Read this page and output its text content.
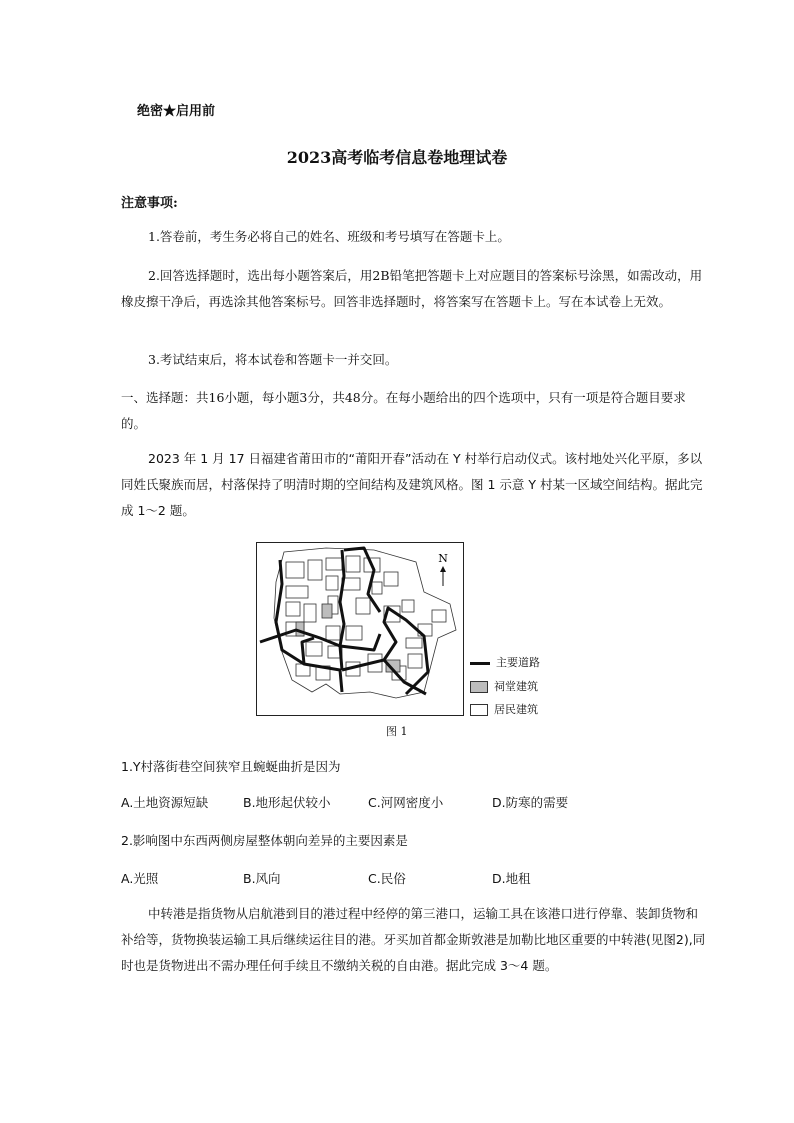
绝密★启用前
2023高考临考信息卷地理试卷
注意事项:
1.答卷前，考生务必将自己的姓名、班级和考号填写在答题卡上。
2.回答选择题时，选出每小题答案后，用2B铅笔把答题卡上对应题目的答案标号涂黑，如需改动，用橡皮擦干净后，再选涂其他答案标号。回答非选择题时，将答案写在答题卡上。写在本试卷上无效。
3.考试结束后，将本试卷和答题卡一并交回。
一、选择题：共16小题，每小题3分，共48分。在每小题给出的四个选项中，只有一项是符合题目要求的。
2023 年 1 月 17 日福建省莆田市的“莆阳开春”活动在 Y 村举行启动仪式。该村地处兴化平原，多以同姓氏聚族而居，村落保持了明清时期的空间结构及建筑风格。图 1 示意 Y 村某一区域空间结构。据此完成 1～2 题。
N
主要道路
祠堂建筑
居民建筑
图 1
1.Y村落街巷空间狭窄且蜿蜒曲折是因为
A.土地资源短缺	B.地形起伏较小	C.河网密度小	D.防寒的需要
2.影响图中东西两侧房屋整体朝向差异的主要因素是
A.光照	B.风向	C.民俗	D.地租
中转港是指货物从启航港到目的港过程中经停的第三港口，运输工具在该港口进行停靠、装卸货物和补给等，货物换装运输工具后继续运往目的港。牙买加首都金斯敦港是加勒比地区重要的中转港(见图2),同时也是货物进出不需办理任何手续且不缴纳关税的自由港。据此完成 3～4 题。
